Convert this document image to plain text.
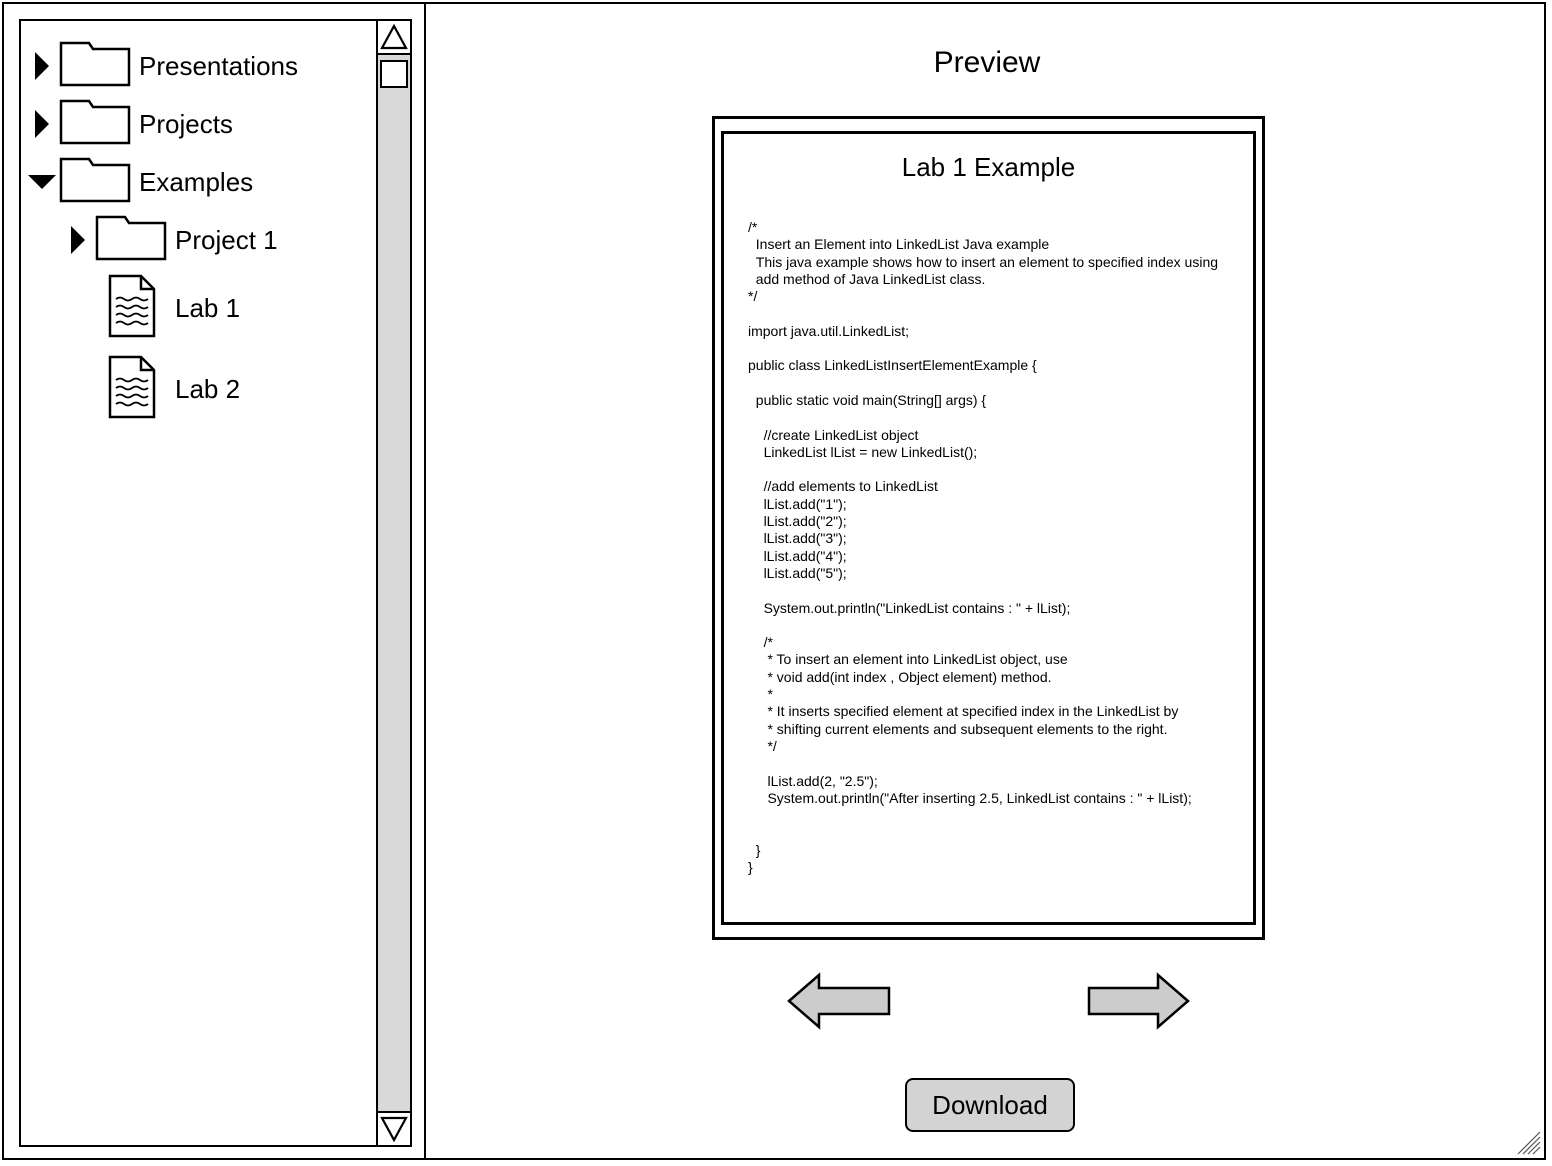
Presentations
Projects
Examples
Project 1
Lab 1
Lab 2
Preview
Lab 1 Example
/*
Insert an Element into LinkedList Java example
This java example shows how to insert an element to specified index using
add method of Java LinkedList class.
*/

import java.util.LinkedList;

public class LinkedListInsertElementExample {

public static void main(String[] args) {

//create LinkedList object
LinkedList lList = new LinkedList();

//add elements to LinkedList
lList.add("1");
lList.add("2");
lList.add("3");
lList.add("4");
lList.add("5");

System.out.println("LinkedList contains : " + lList);

/*
* To insert an element into LinkedList object, use
* void add(int index , Object element) method.
*
* It inserts specified element at specified index in the LinkedList by
* shifting current elements and subsequent elements to the right.
*/

lList.add(2, "2.5");
System.out.println("After inserting 2.5, LinkedList contains : " + lList);

}
}
Download
